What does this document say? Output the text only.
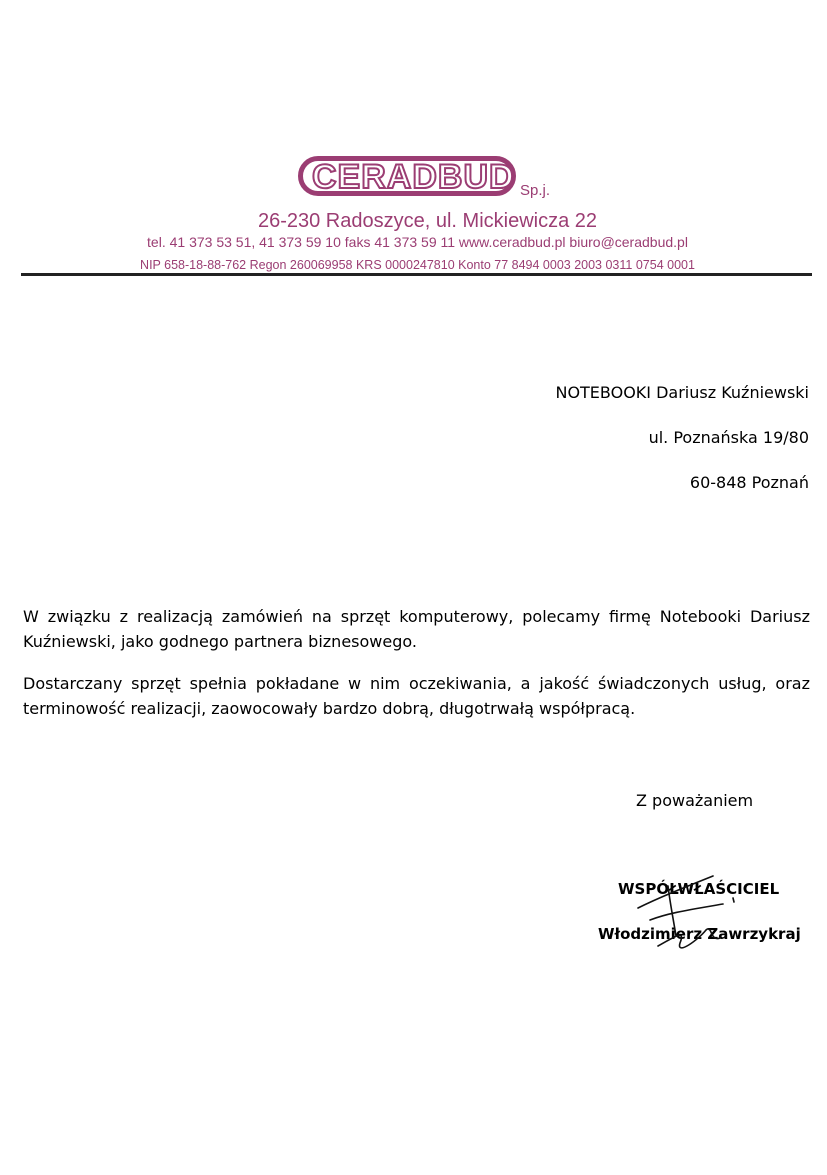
CERADBUD Sp.j.
26-230 Radoszyce, ul. Mickiewicza 22
tel. 41 373 53 51, 41 373 59 10 faks 41 373 59 11 www.ceradbud.pl biuro@ceradbud.pl
NIP 658-18-88-762 Regon 260069958 KRS 0000247810 Konto 77 8494 0003 2003 0311 0754 0001
NOTEBOOKI Dariusz Kuźniewski
ul. Poznańska 19/80
60-848 Poznań

W związku z realizacją zamówień na sprzęt komputerowy, polecamy firmę Notebooki Dariusz Kuźniewski, jako godnego partnera biznesowego.

Dostarczany sprzęt spełnia pokładane w nim oczekiwania, a jakość świadczonych usług, oraz terminowość realizacji, zaowocowały bardzo dobrą, długotrwałą współpracą.

Z poważaniem
WSPÓŁWŁAŚCICIEL
Włodzimierz Zawrzykraj
